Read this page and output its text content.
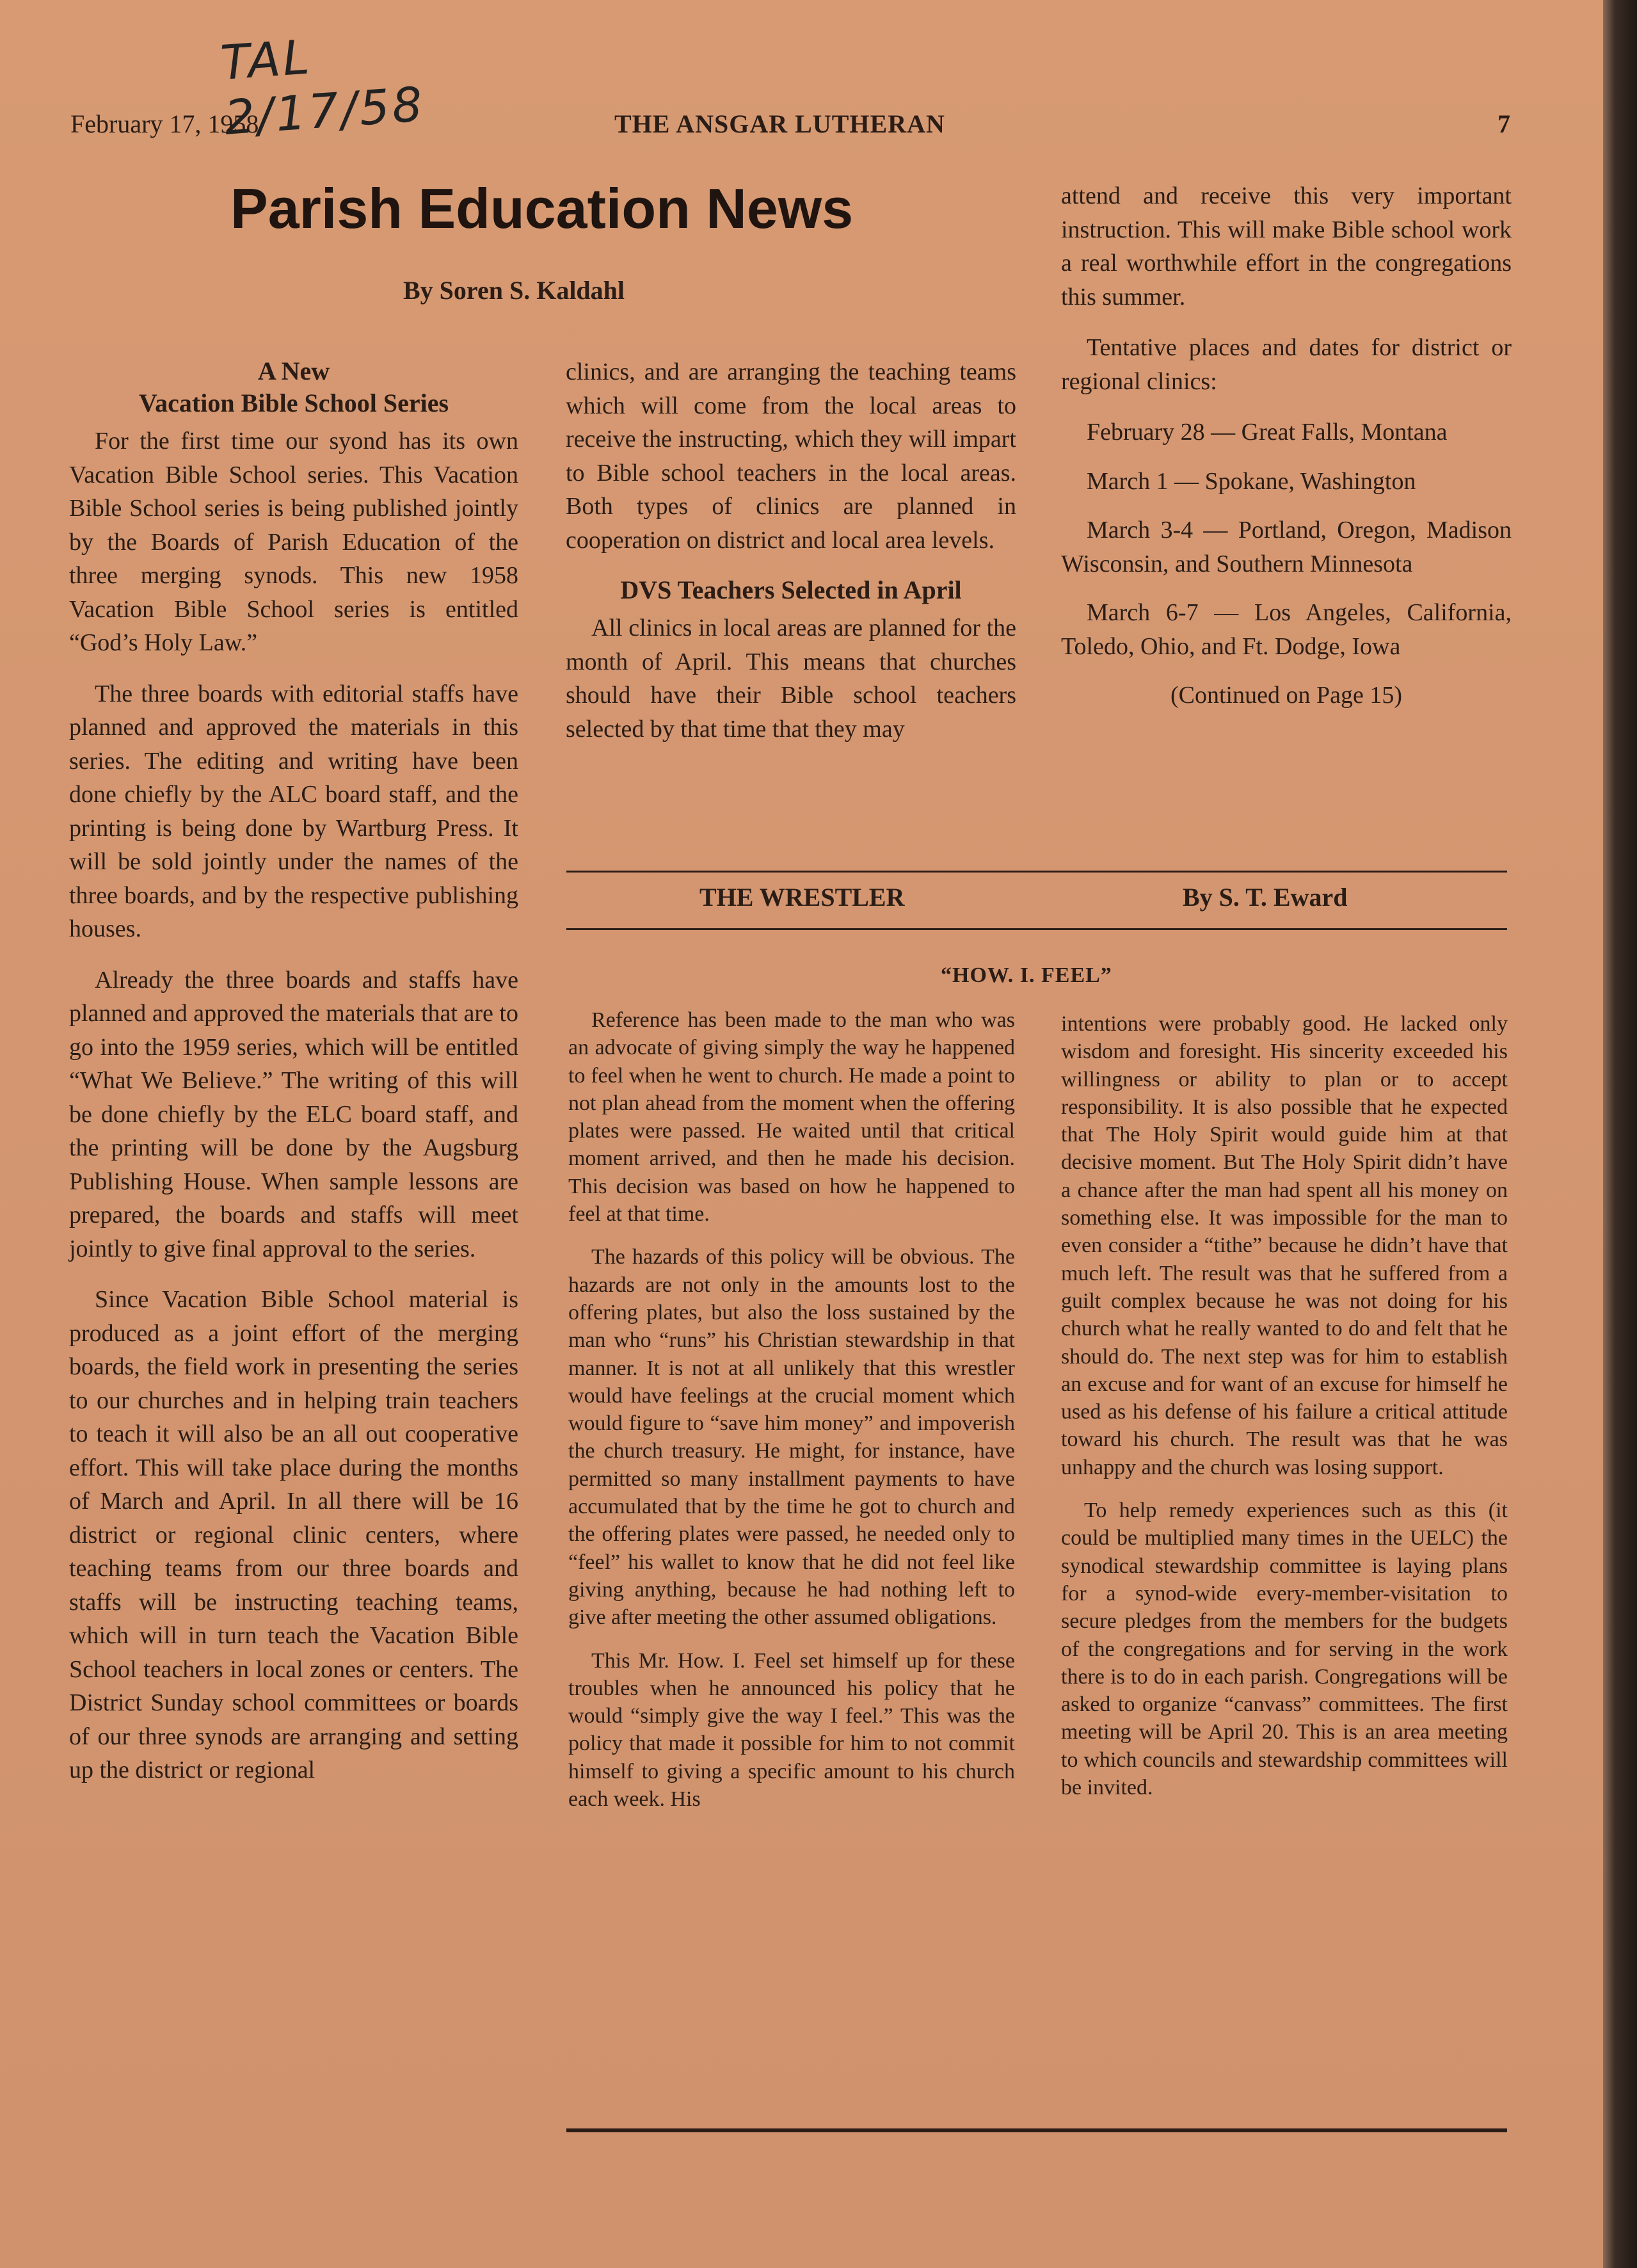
TAL 2/17/58
February 17, 1958	THE ANSGAR LUTHERAN	7
Parish Education News
By Soren S. Kaldahl
A New
Vacation Bible School Series

For the first time our syond has its own Vacation Bible School series. This Vacation Bible School series is being published jointly by the Boards of Parish Education of the three merging synods. This new 1958 Vacation Bible School series is entitled “God’s Holy Law.”

The three boards with editorial staffs have planned and approved the materials in this series. The editing and writing have been done chiefly by the ALC board staff, and the printing is being done by Wartburg Press. It will be sold jointly under the names of the three boards, and by the respective publishing houses.

Already the three boards and staffs have planned and approved the materials that are to go into the 1959 series, which will be entitled “What We Believe.” The writing of this will be done chiefly by the ELC board staff, and the printing will be done by the Augsburg Publishing House. When sample lessons are prepared, the boards and staffs will meet jointly to give final approval to the series.

Since Vacation Bible School material is produced as a joint effort of the merging boards, the field work in presenting the series to our churches and in helping train teachers to teach it will also be an all out cooperative effort. This will take place during the months of March and April. In all there will be 16 district or regional clinic centers, where teaching teams from our three boards and staffs will be instructing teaching teams, which will in turn teach the Vacation Bible School teachers in local zones or centers. The District Sunday school committees or boards of our three synods are arranging and setting up the district or regional

clinics, and are arranging the teaching teams which will come from the local areas to receive the instructing, which they will impart to Bible school teachers in the local areas. Both types of clinics are planned in cooperation on district and local area levels.

DVS Teachers Selected in April

All clinics in local areas are planned for the month of April. This means that churches should have their Bible school teachers selected by that time that they may

attend and receive this very important instruction. This will make Bible school work a real worthwhile effort in the congregations this summer.

Tentative places and dates for district or regional clinics:

February 28 — Great Falls, Montana

March 1 — Spokane, Washington

March 3-4 — Portland, Oregon, Madison Wisconsin, and Southern Minnesota

March 6-7 — Los Angeles, California, Toledo, Ohio, and Ft. Dodge, Iowa

(Continued on Page 15)

THE WRESTLER	By S. T. Eward
“HOW. I. FEEL”

Reference has been made to the man who was an advocate of giving simply the way he happened to feel when he went to church. He made a point to not plan ahead from the moment when the offering plates were passed. He waited until that critical moment arrived, and then he made his decision. This decision was based on how he happened to feel at that time.

The hazards of this policy will be obvious. The hazards are not only in the amounts lost to the offering plates, but also the loss sustained by the man who “runs” his Christian stewardship in that manner. It is not at all unlikely that this wrestler would have feelings at the crucial moment which would figure to “save him money” and impoverish the church treasury. He might, for instance, have permitted so many installment payments to have accumulated that by the time he got to church and the offering plates were passed, he needed only to “feel” his wallet to know that he did not feel like giving anything, because he had nothing left to give after meeting the other assumed obligations.

This Mr. How. I. Feel set himself up for these troubles when he announced his policy that he would “simply give the way I feel.” This was the policy that made it possible for him to not commit himself to giving a specific amount to his church each week. His

intentions were probably good. He lacked only wisdom and foresight. His sincerity exceeded his willingness or ability to plan or to accept responsibility. It is also possible that he expected that The Holy Spirit would guide him at that decisive moment. But The Holy Spirit didn’t have a chance after the man had spent all his money on something else. It was impossible for the man to even consider a “tithe” because he didn’t have that much left. The result was that he suffered from a guilt complex because he was not doing for his church what he really wanted to do and felt that he should do. The next step was for him to establish an excuse and for want of an excuse for himself he used as his defense of his failure a critical attitude toward his church. The result was that he was unhappy and the church was losing support.

To help remedy experiences such as this (it could be multiplied many times in the UELC) the synodical stewardship committee is laying plans for a synod-wide every-member-visitation to secure pledges from the members for the budgets of the congregations and for serving in the work there is to do in each parish. Congregations will be asked to organize “canvass” committees. The first meeting will be April 20. This is an area meeting to which councils and stewardship committees will be invited.
